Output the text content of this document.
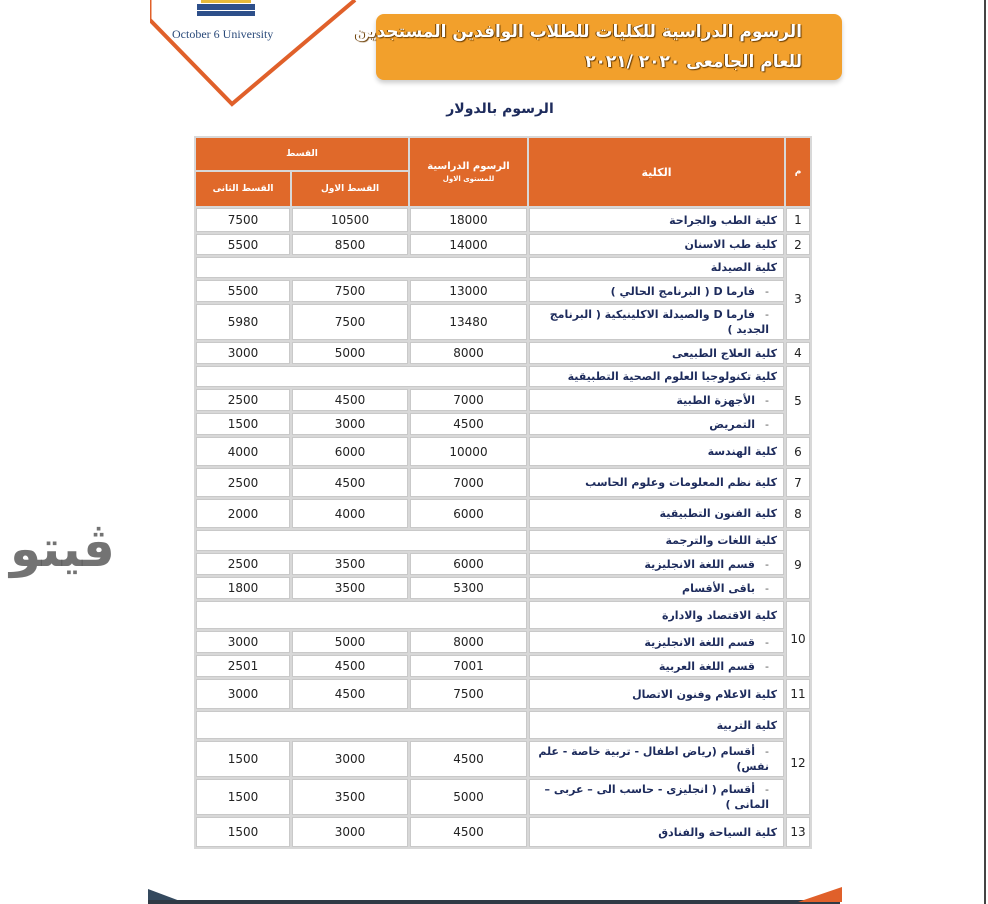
October 6 University	الرسوم الدراسية للكليات للطلاب الوافدين المستجدين
للعام الجامعى ٢٠٢٠ /٢٠٢١
الرسوم بالدولار
القسط		الرسوم الدراسية
للمستوى الاول	الكلية	م
القسط الثانى	القسط الاول			
7500	10500	18000	كلية الطب والجراحة	1
5500	8500	14000	كلية طب الاسنان	2
			كلية الصيدلة	3
5500	7500	13000	-فارما D ( البرنامج الحالي )	
5980	7500	13480	-فارما D والصيدلة الاكلينيكية ( البرنامج الجديد )	
3000	5000	8000	كلية العلاج الطبيعى	4
			كلية تكنولوجيا العلوم الصحية التطبيقية	5
2500	4500	7000	-الأجهزة الطبية	
1500	3000	4500	-التمريض	
4000	6000	10000	كلية الهندسة	6
2500	4500	7000	كلية نظم المعلومات وعلوم الحاسب	7
2000	4000	6000	كلية الفنون التطبيقية	8
			كلية اللغات والترجمة	9
2500	3500	6000	-قسم اللغة الانجليزية	
1800	3500	5300	-باقى الأقسام	
			كلية الاقتصاد والادارة	10
3000	5000	8000	-قسم اللغة الانجليزية	
2501	4500	7001	-قسم اللغة العربية	
3000	4500	7500	كلية الاعلام وفنون الاتصال	11
			كلية التربية	12
1500	3000	4500	-أقسام (رياض اطفال - تربية خاصة - علم نفس)	
1500	3500	5000	-أقسام ( انجليزى - حاسب الى – عربى – المانى )	
1500	3000	4500	كلية السياحة والفنادق	13
ڤيتو
